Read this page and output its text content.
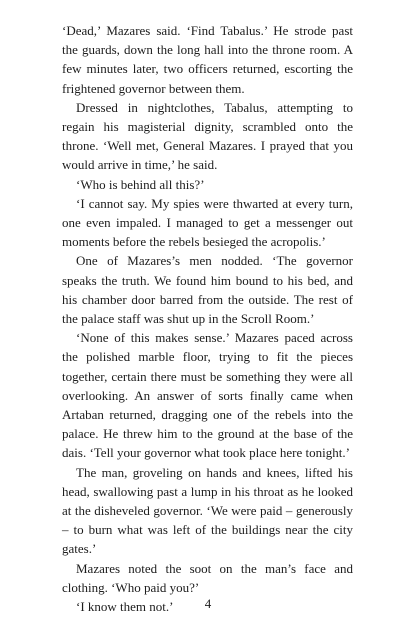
‘Dead,’ Mazares said. ‘Find Tabalus.’ He strode past the guards, down the long hall into the throne room. A few minutes later, two officers returned, escorting the frightened governor between them.

Dressed in nightclothes, Tabalus, attempting to regain his magisterial dignity, scrambled onto the throne. ‘Well met, General Mazares. I prayed that you would arrive in time,’ he said.

‘Who is behind all this?’

‘I cannot say. My spies were thwarted at every turn, one even impaled. I managed to get a messenger out moments before the rebels besieged the acropolis.’

One of Mazares’s men nodded. ‘The governor speaks the truth. We found him bound to his bed, and his chamber door barred from the outside. The rest of the palace staff was shut up in the Scroll Room.’

‘None of this makes sense.’ Mazares paced across the polished marble floor, trying to fit the pieces together, certain there must be something they were all overlooking. An answer of sorts finally came when Artaban returned, dragging one of the rebels into the palace. He threw him to the ground at the base of the dais. ‘Tell your governor what took place here tonight.’

The man, groveling on hands and knees, lifted his head, swallowing past a lump in his throat as he looked at the disheveled governor. ‘We were paid – generously – to burn what was left of the buildings near the city gates.’

Mazares noted the soot on the man’s face and clothing. ‘Who paid you?’

‘I know them not.’	4
